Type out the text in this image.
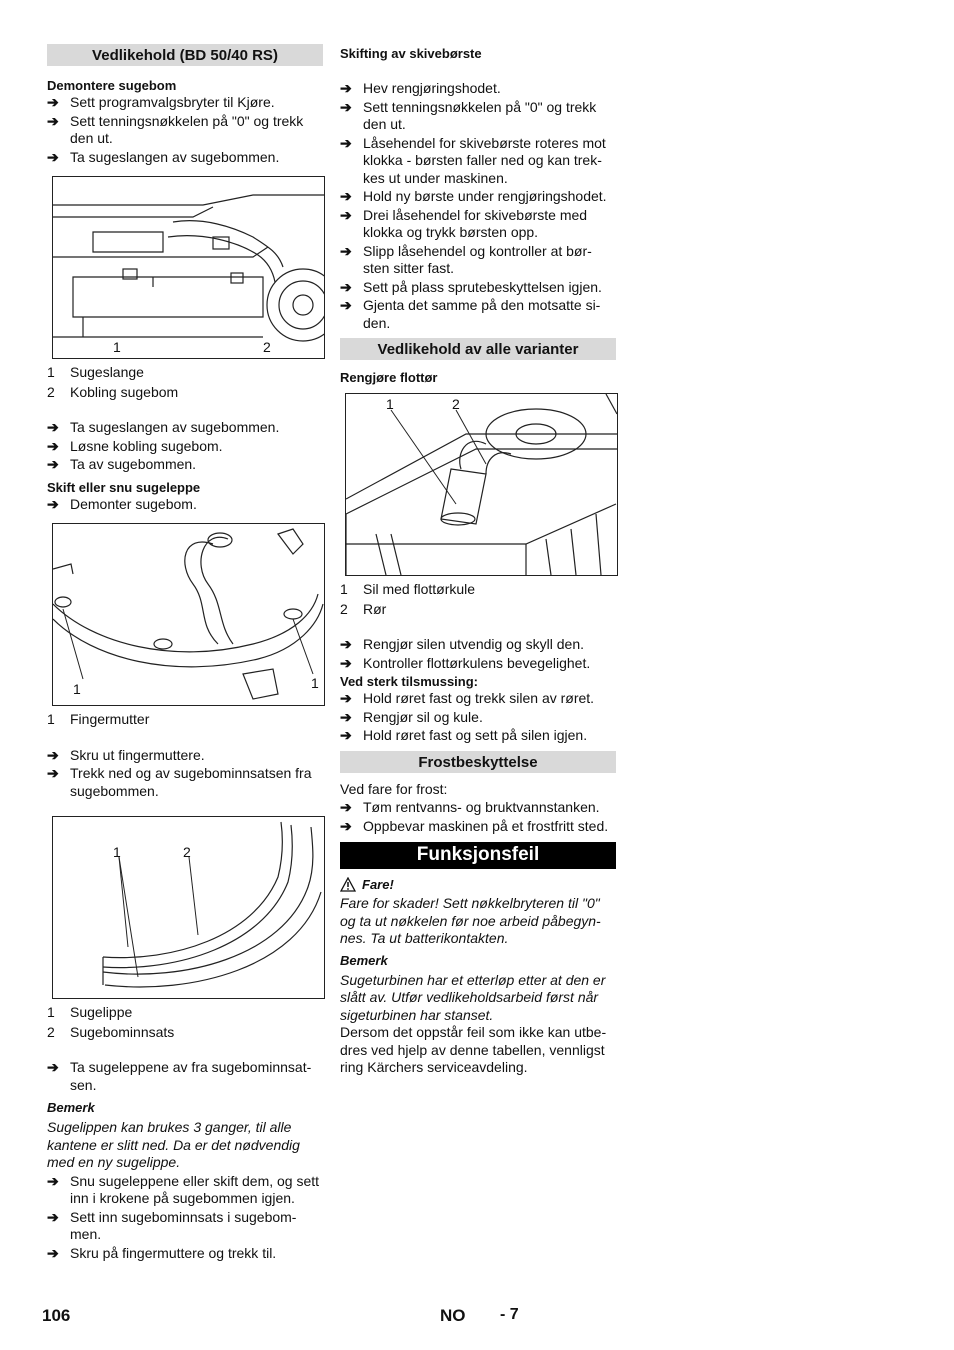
Vedlikehold (BD 50/40 RS)
Demontere sugebom
➔ Sett programvalgsbryter til Kjøre.
➔ Sett tenningsnøkkelen på "0" og trekk den ut.
➔ Ta sugeslangen av sugebommen.
1	2
1	Sugeslange
2	Kobling sugebom
➔ Ta sugeslangen av sugebommen.
➔ Løsne kobling sugebom.
➔ Ta av sugebommen.
Skift eller snu sugeleppe
➔ Demonter sugebom.
1	1
1	Fingermutter
➔ Skru ut fingermuttere.
➔ Trekk ned og av sugebominnsatsen fra sugebommen.
1	2
1	Sugelippe
2	Sugebominnsats
➔ Ta sugeleppene av fra sugebominnsat-sen.
Bemerk

Sugelippen kan brukes 3 ganger, til alle kantene er slitt ned. Da er det nødvendig med en ny sugelippe.

➔ Snu sugeleppene eller skift dem, og sett inn i krokene på sugebommen igjen.
➔ Sett inn sugebominnsats i sugebom-men.
➔ Skru på fingermuttere og trekk til.
Skifting av skivebørste
➔ Hev rengjøringshodet.
➔ Sett tenningsnøkkelen på "0" og trekk den ut.
➔ Låsehendel for skivebørste roteres mot klokka - børsten faller ned og kan trek-kes ut under maskinen.
➔ Hold ny børste under rengjøringshodet.
➔ Drei låsehendel for skivebørste med klokka og trykk børsten opp.
➔ Slipp låsehendel og kontroller at bør-sten sitter fast.
➔ Sett på plass sprutebeskyttelsen igjen.
➔ Gjenta det samme på den motsatte si-den.
Vedlikehold av alle varianter
Rengjøre flottør
1	2
1	Sil med flottørkule
2	Rør
➔ Rengjør silen utvendig og skyll den.
➔ Kontroller flottørkulens bevegelighet.
Ved sterk tilsmussing:
➔ Hold røret fast og trekk silen av røret.
➔ Rengjør sil og kule.
➔ Hold røret fast og sett på silen igjen.
Frostbeskyttelse

Ved fare for frost:

➔ Tøm rentvanns- og bruktvannstanken.
➔ Oppbevar maskinen på et frostfritt sted.
Funksjonsfeil
Fare!

Fare for skader! Sett nøkkelbryteren til "0" og ta ut nøkkelen før noe arbeid påbegyn-nes. Ta ut batterikontakten.

Bemerk

Sugeturbinen har et etterløp etter at den er slått av. Utfør vedlikeholdsarbeid først når sigeturbinen har stanset.

Dersom det oppstår feil som ikke kan utbe-dres ved hjelp av denne tabellen, vennligst ring Kärchers serviceavdeling.

106	NO - 7
